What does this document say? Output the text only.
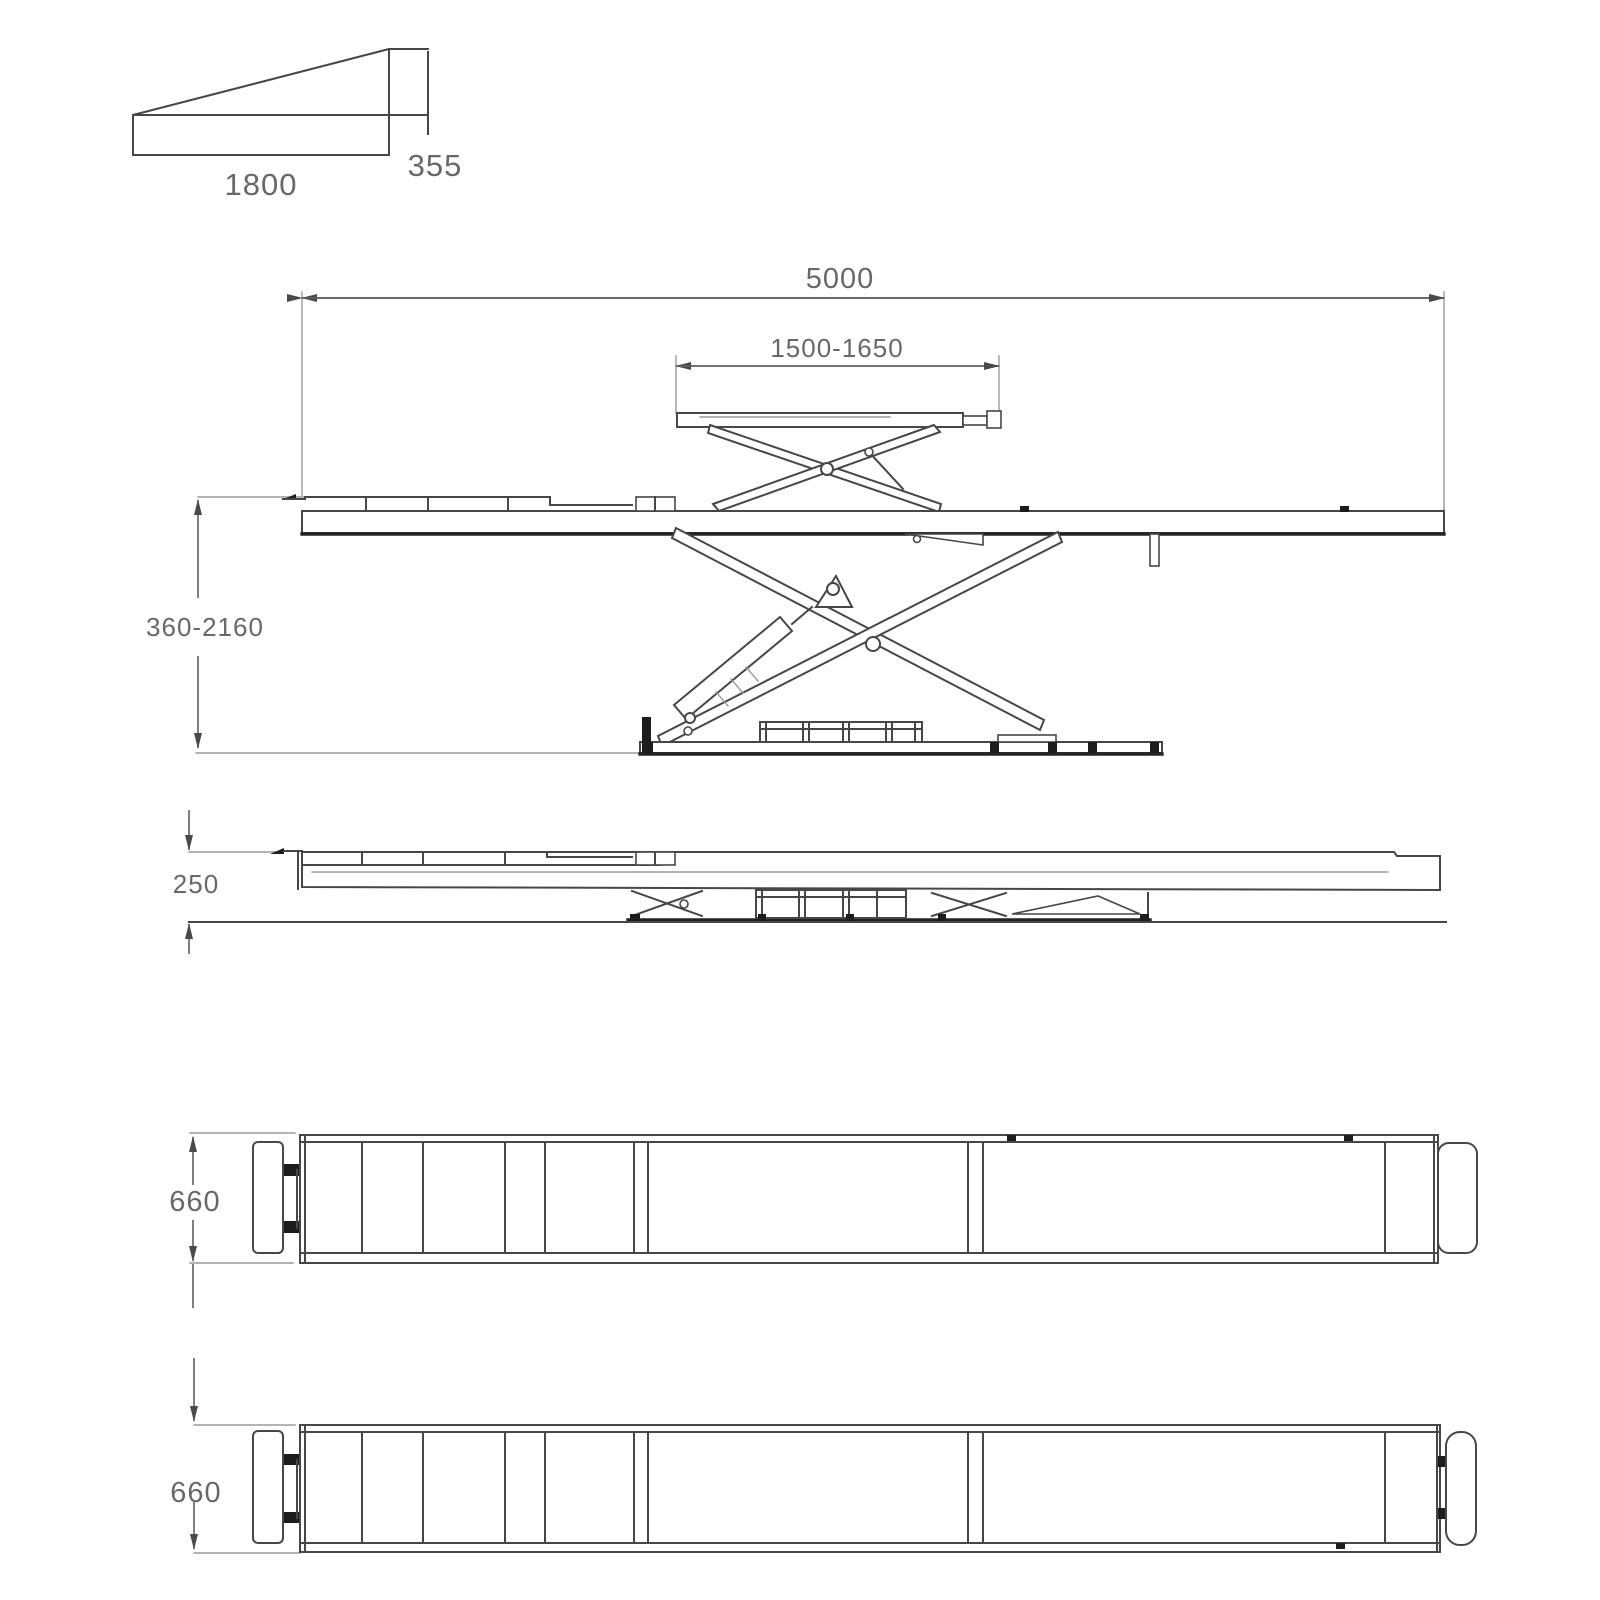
1800
355
5000
1500-1650
360-2160
250
660
660
